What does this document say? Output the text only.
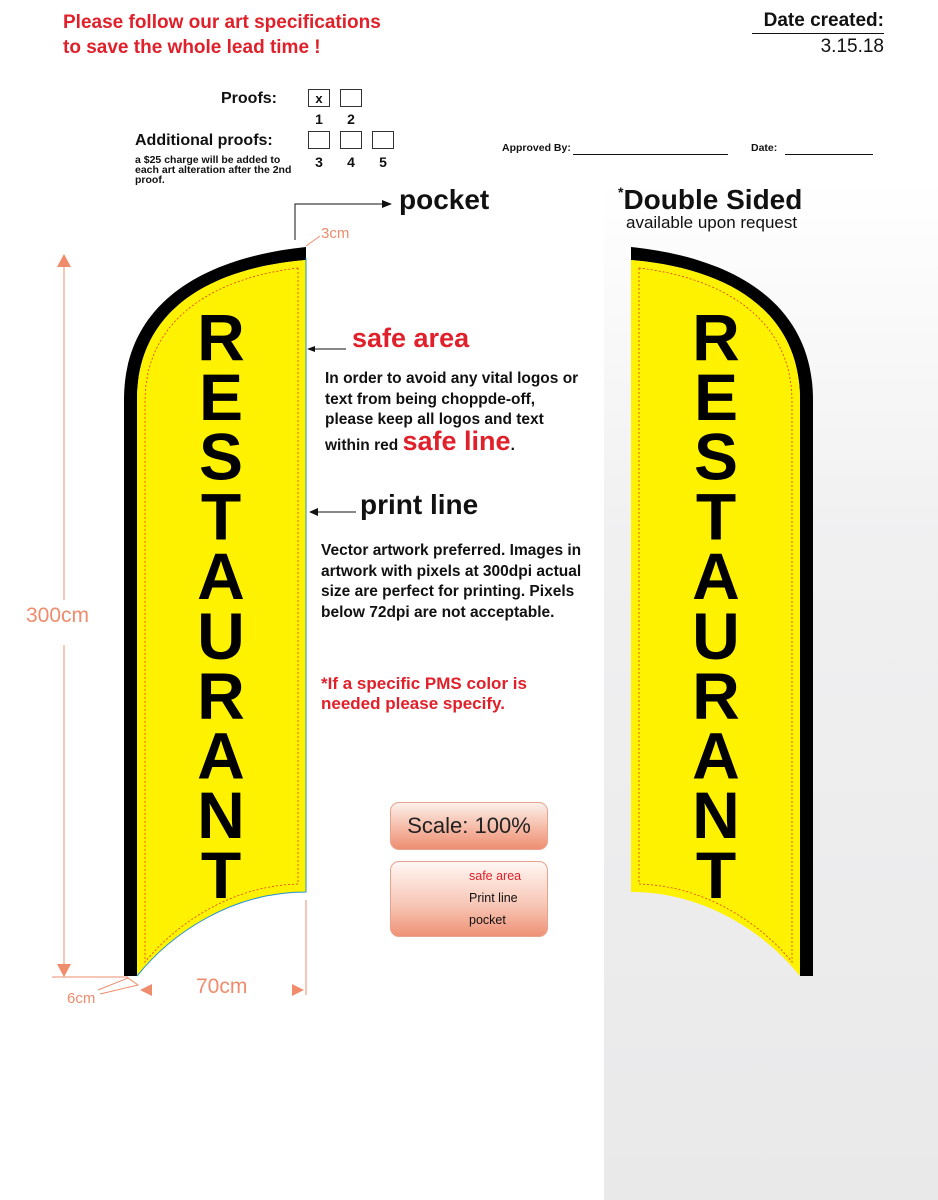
Please follow our art specifications
to save the whole lead time !
Date created:
3.15.18
Proofs:	x
1	2
Additional proofs:
a $25 charge will be added to each art alteration after the 2nd proof.
3	4	5
Approved By:	Date:
R
E
S
T
A
U
R
A
N
T
R
E
S
T
A
U
R
A
N
T
pocket
3cm
*Double Sided
available upon request
safe area
In order to avoid any vital logos or text from being choppde-off, please keep all logos and text within red safe line.
print line
Vector artwork preferred. Images in artwork with pixels at 300dpi actual size are perfect for printing. Pixels below 72dpi are not acceptable.
*If a specific PMS color is needed please specify.
300cm
70cm
6cm
Scale: 100%
safe area
Print line
pocket
